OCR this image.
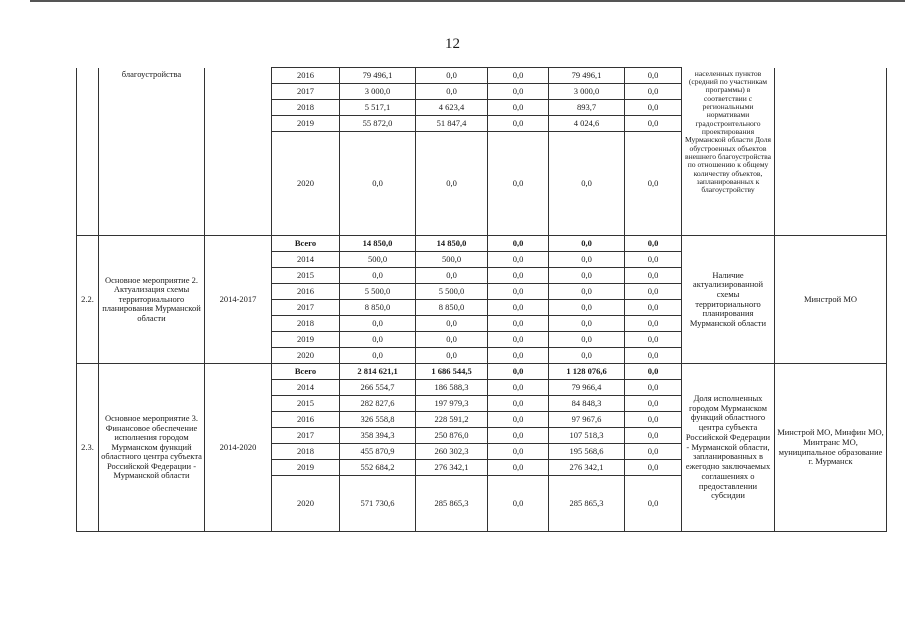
12
	благоустройства		2016	79 496,1	0,0	0,0	79 496,1	0,0	населенных пунктов (средний по участникам программы) в соответствии с региональными нормативами градостроительного проектирования Мурманской области Доля обустроенных объектов внешнего благоустройства по отношению к общему количеству объектов, запланированных к благоустройству	
			2017	3 000,0	0,0	0,0	3 000,0	0,0		
			2018	5 517,1	4 623,4	0,0	893,7	0,0		
			2019	55 872,0	51 847,4	0,0	4 024,6	0,0		
			2020	0,0	0,0	0,0	0,0	0,0		
2.2.	Основное мероприятие 2. Актуализация схемы территориального планирования Мурманской области	2014-2017	Всего	14 850,0	14 850,0	0,0	0,0	0,0	Наличие актуализированной схемы территориального планирования Мурманской области	Минстрой МО
			2014	500,0	500,0	0,0	0,0	0,0		
			2015	0,0	0,0	0,0	0,0	0,0		
			2016	5 500,0	5 500,0	0,0	0,0	0,0		
			2017	8 850,0	8 850,0	0,0	0,0	0,0		
			2018	0,0	0,0	0,0	0,0	0,0		
			2019	0,0	0,0	0,0	0,0	0,0		
			2020	0,0	0,0	0,0	0,0	0,0		
2.3.	Основное мероприятие 3. Финансовое обеспечение исполнения городом Мурманском функций областного центра субъекта Российской Федерации - Мурманской области	2014-2020	Всего	2 814 621,1	1 686 544,5	0,0	1 128 076,6	0,0	Доля исполненных городом Мурманском функций областного центра субъекта Российской Федерации - Мурманской области, запланированных в ежегодно заключаемых соглашениях о предоставлении субсидии	Минстрой МО, Минфин МО, Минтранс МО, муниципальное образование г. Мурманск
			2014	266 554,7	186 588,3	0,0	79 966,4	0,0		
			2015	282 827,6	197 979,3	0,0	84 848,3	0,0		
			2016	326 558,8	228 591,2	0,0	97 967,6	0,0		
			2017	358 394,3	250 876,0	0,0	107 518,3	0,0		
			2018	455 870,9	260 302,3	0,0	195 568,6	0,0		
			2019	552 684,2	276 342,1	0,0	276 342,1	0,0		
			2020	571 730,6	285 865,3	0,0	285 865,3	0,0		
